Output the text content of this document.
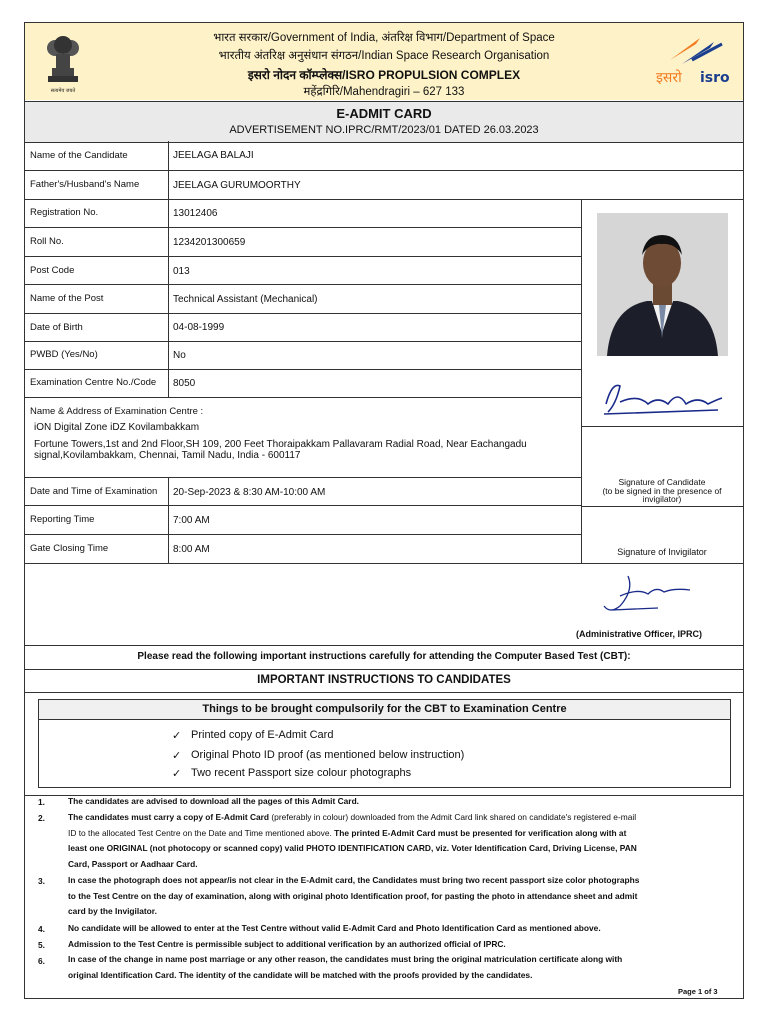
सत्यमेव जयते
भारत सरकार/Government of India, अंतरिक्ष विभाग/Department of Space
भारतीय अंतरिक्ष अनुसंधान संगठन/Indian Space Research Organisation
इसरो नोदन कॉम्प्लेक्स/ISRO PROPULSION COMPLEX
महेंद्रगिरि/Mahendragiri – 627 133
इसरो isro
E-ADMIT CARD
ADVERTISEMENT NO.IPRC/RMT/2023/01 DATED 26.03.2023
Name of the Candidate	JEELAGA BALAJI
Father's/Husband's Name	JEELAGA GURUMOORTHY
Registration No.	13012406
Roll No.	1234201300659
Post Code	013
Name of the Post	Technical Assistant (Mechanical)
Date of Birth	04-08-1999
PWBD (Yes/No)	No
Examination Centre No./Code 8050
Name & Address of Examination Centre :
iON Digital Zone iDZ Kovilambakkam
Fortune Towers,1st and 2nd Floor,SH 109, 200 Feet Thoraipakkam Pallavaram Radial Road, Near Eachangadu
signal,Kovilambakkam, Chennai, Tamil Nadu, India - 600117
Date and Time of Examination 20-Sep-2023 & 8:30 AM-10:00 AM
Reporting Time	7:00 AM
Gate Closing Time	8:00 AM
Signature of Candidate
(to be signed in the presence of
invigilator)
Signature of Invigilator
(Administrative Officer, IPRC)
Please read the following important instructions carefully for attending the Computer Based Test (CBT):
IMPORTANT INSTRUCTIONS TO CANDIDATES
Things to be brought compulsorily for the CBT to Examination Centre
✓ Printed copy of E-Admit Card
✓ Original Photo ID proof (as mentioned below instruction)
✓ Two recent Passport size colour photographs
1.	The candidates are advised to download all the pages of this Admit Card.
2.	The candidates must carry a copy of E-Admit Card (preferably in colour) downloaded from the Admit Card link shared on candidate's registered e-mail
ID to the allocated Test Centre on the Date and Time mentioned above. The printed E-Admit Card must be presented for verification along with at
least one ORIGINAL (not photocopy or scanned copy) valid PHOTO IDENTIFICATION CARD, viz. Voter Identification Card, Driving License, PAN
Card, Passport or Aadhaar Card.
3.	In case the photograph does not appear/is not clear in the E-Admit card, the Candidates must bring two recent passport size color photographs
to the Test Centre on the day of examination, along with original photo Identification proof, for pasting the photo in attendance sheet and admit
card by the Invigilator.
4.	No candidate will be allowed to enter at the Test Centre without valid E-Admit Card and Photo Identification Card as mentioned above.
5.	Admission to the Test Centre is permissible subject to additional verification by an authorized official of IPRC.
6.	In case of the change in name post marriage or any other reason, the candidates must bring the original matriculation certificate along with
original Identification Card. The identity of the candidate will be matched with the proofs provided by the candidates.
Page 1 of 3
